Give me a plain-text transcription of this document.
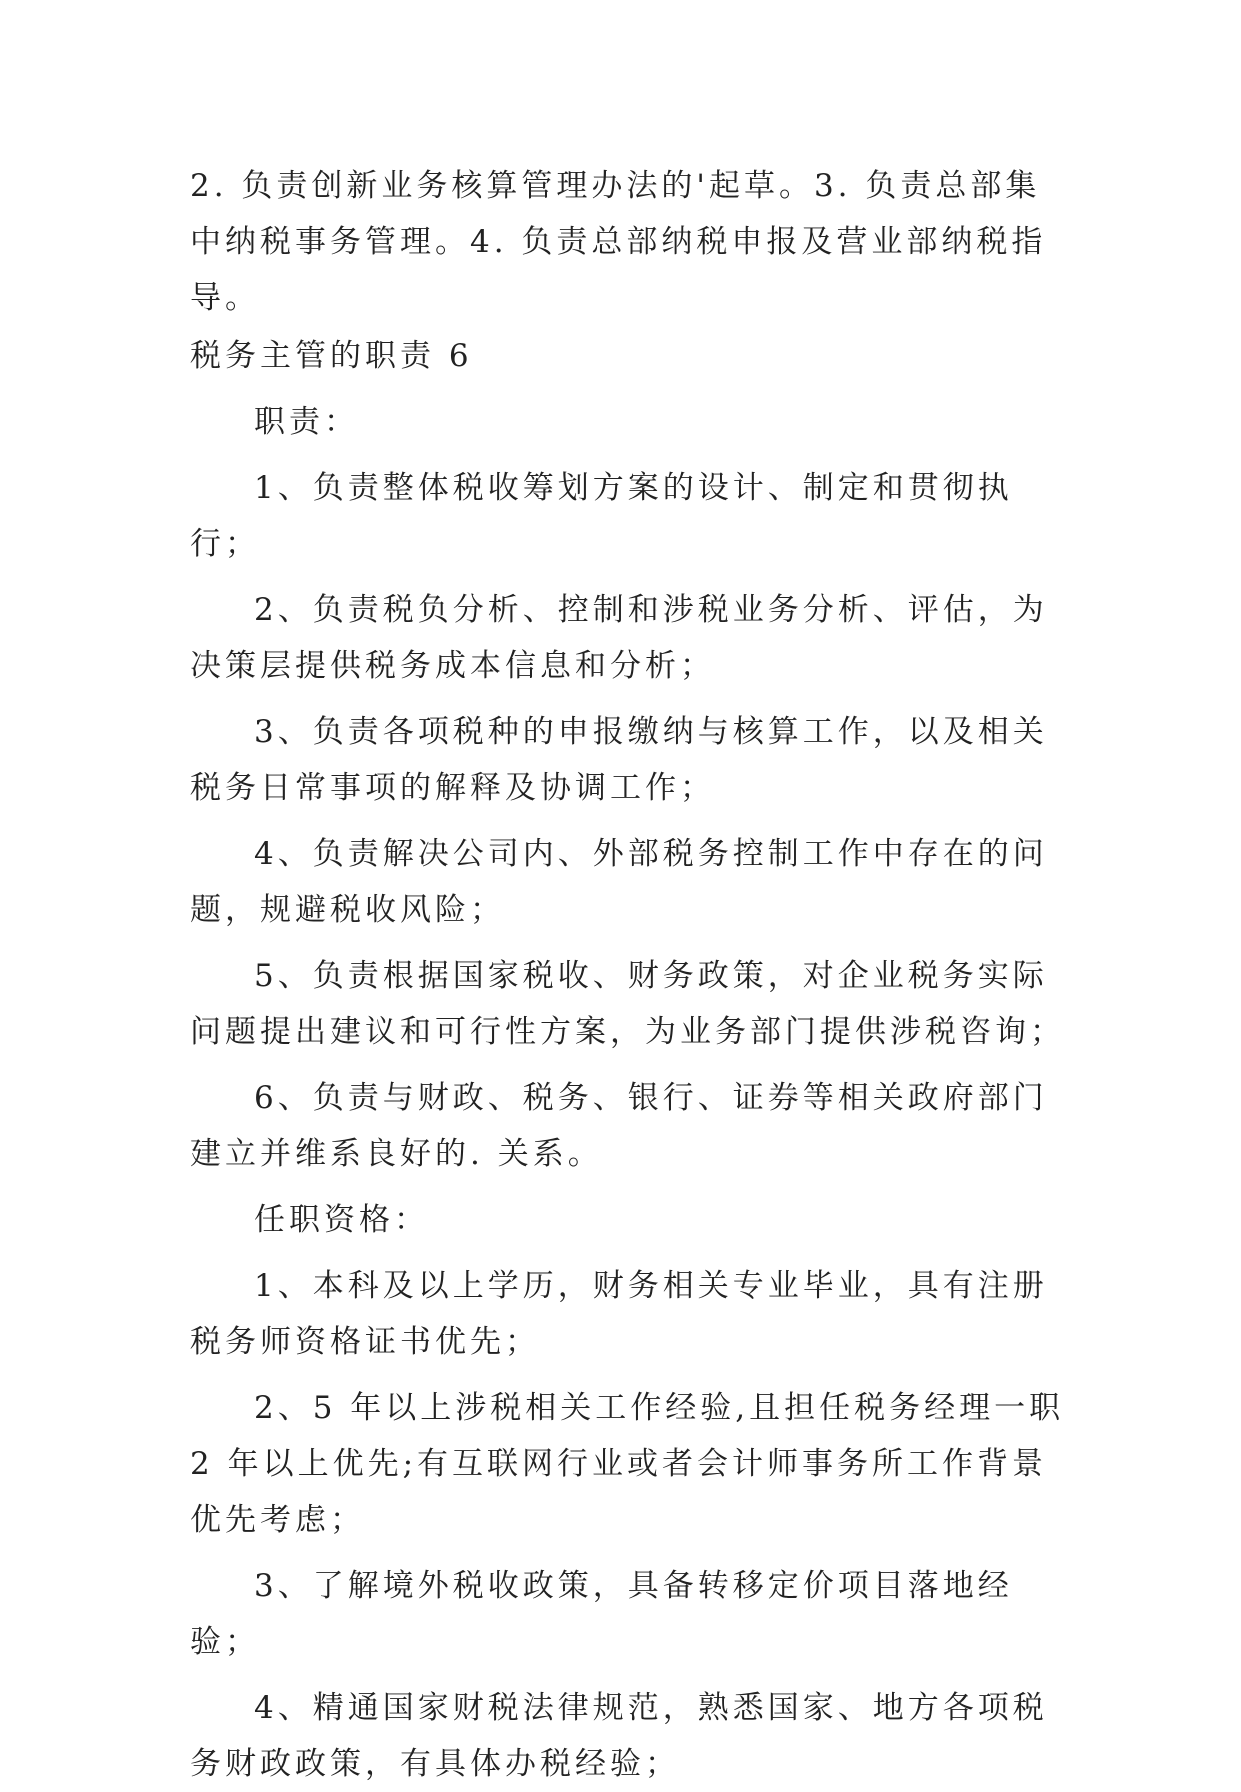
2. 负责创新业务核算管理办法的'起草。3. 负责总部集中纳税事务管理。4. 负责总部纳税申报及营业部纳税指导。

税务主管的职责 6

职责：

1、负责整体税收筹划方案的设计、制定和贯彻执行；

2、负责税负分析、控制和涉税业务分析、评估，为决策层提供税务成本信息和分析；

3、负责各项税种的申报缴纳与核算工作，以及相关税务日常事项的解释及协调工作；

4、负责解决公司内、外部税务控制工作中存在的问题，规避税收风险；

5、负责根据国家税收、财务政策，对企业税务实际问题提出建议和可行性方案，为业务部门提供涉税咨询；

6、负责与财政、税务、银行、证券等相关政府部门建立并维系良好的. 关系。

任职资格：

1、本科及以上学历，财务相关专业毕业，具有注册税务师资格证书优先；

2、5 年以上涉税相关工作经验,且担任税务经理一职 2 年以上优先;有互联网行业或者会计师事务所工作背景优先考虑；

3、了解境外税收政策，具备转移定价项目落地经验；

4、精通国家财税法律规范，熟悉国家、地方各项税务财政政策，有具体办税经验；
